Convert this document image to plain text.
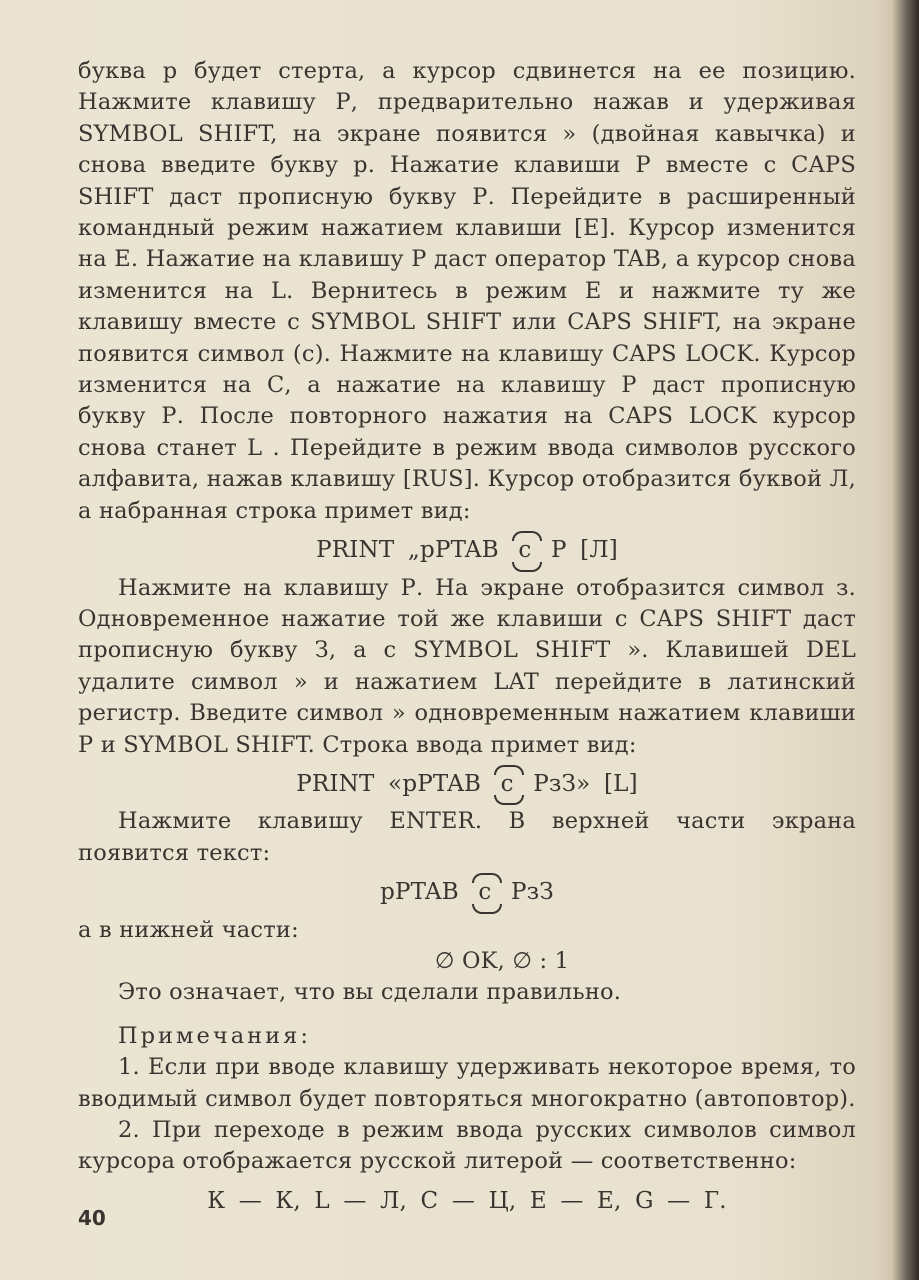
буква р будет стерта, а курсор сдвинется на ее позицию. Нажмите клавишу Р, предварительно нажав и удерживая SYMBOL SHIFT, на экране появится » (двойная кавычка) и снова введите букву р. Нажатие клавиши Р вместе с CAPS SHIFT даст прописную букву Р. Перейдите в расширенный командный режим нажатием клавиши [Е]. Курсор изменится на Е. Нажатие на клавишу Р даст оператор TAB, а курсор снова изменится на L. Вернитесь в режим Е и нажмите ту же клавишу вместе с SYMBOL SHIFT или CAPS SHIFT, на экране появится символ (с). Нажмите на клавишу CAPS LOCK. Курсор изменится на С, а нажатие на клавишу Р даст прописную букву Р. После повторного нажатия на CAPS LOCK курсор снова станет L . Перейдите в режим ввода символов русского алфавита, нажав клавишу [RUS]. Курсор отобразится буквой Л, а набранная строка примет вид:

PRINT „pPTAB c P [Л]

Нажмите на клавишу Р. На экране отобразится символ з. Одновременное нажатие той же клавиши с CAPS SHIFT даст прописную букву З, а с SYMBOL SHIFT ». Клавишей DEL удалите символ » и нажатием LAT перейдите в латинский регистр. Введите символ » одновременным нажатием клавиши Р и SYMBOL SHIFT. Строка ввода примет вид:

PRINT «pPTAB c PзЗ» [L]

Нажмите клавишу ENTER. В верхней части экрана появится текст:

pPTAB c PзЗ

а в нижней части:

∅ OK, ∅ : 1

Это означает, что вы сделали правильно.

Примечания:

1. Если при вводе клавишу удерживать некоторое время, то вводимый символ будет повторяться многократно (автоповтор).

2. При переходе в режим ввода русских символов символ курсора отображается русской литерой — соответственно:

К — К, L — Л, С — Ц, Е — Е, G — Г.

40
